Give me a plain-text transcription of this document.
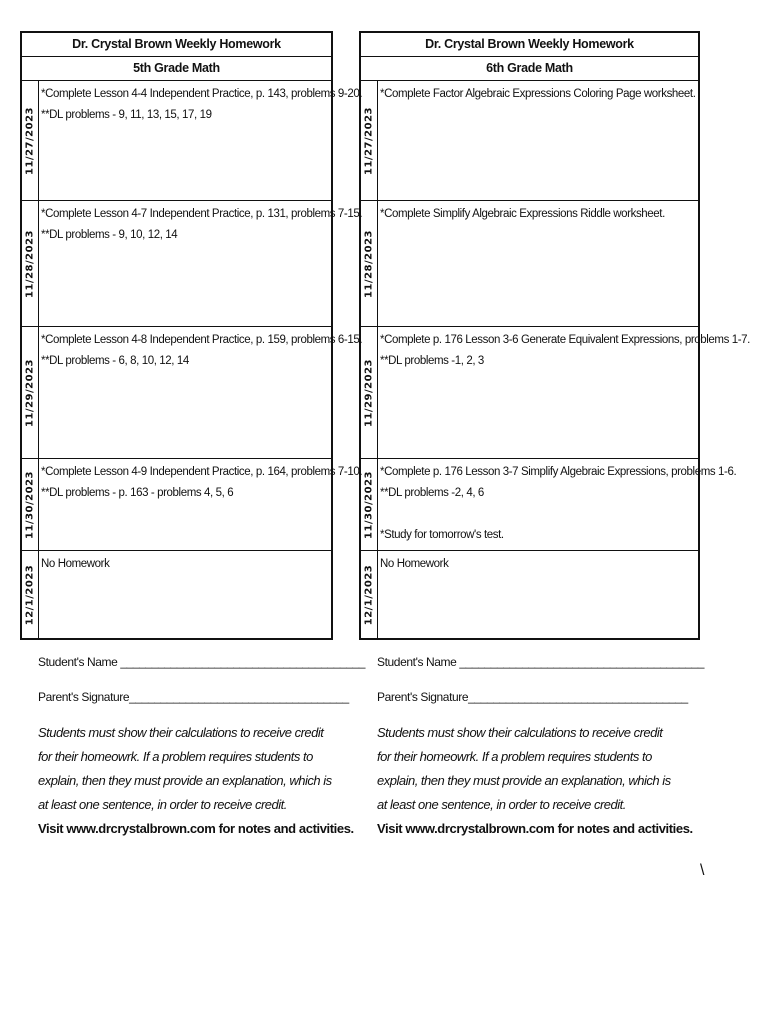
Dr. Crystal Brown Weekly Homework
5th Grade Math
11/27/2023
*Complete Lesson 4-4 Independent Practice, p. 143, problems 9-20.
**DL problems - 9, 11, 13, 15, 17, 19
11/28/2023
*Complete Lesson 4-7 Independent Practice, p. 131, problems 7-15.
**DL problems - 9, 10, 12, 14
11/29/2023
*Complete Lesson 4-8 Independent Practice, p. 159, problems 6-15.
**DL problems - 6, 8, 10, 12, 14
11/30/2023 *Complete Lesson 4-9 Independent Practice, p. 164, problems 7-10.
**DL problems - p. 163 - problems 4, 5, 6
12/1/2023
No Homework
Dr. Crystal Brown Weekly Homework
6th Grade Math
11/27/2023
*Complete Factor Algebraic Expressions Coloring Page worksheet.
11/28/2023
*Complete Simplify Algebraic Expressions Riddle worksheet.
11/29/2023
*Complete p. 176 Lesson 3-6 Generate Equivalent Expressions, problems 1-7.
**DL problems -1, 2, 3
11/30/2023 *Complete p. 176 Lesson 3-7 Simplify Algebraic Expressions, problems 1-6.
**DL problems -2, 4, 6
*Study for tomorrow's test.
12/1/2023
No Homework
Student's Name _______________________________________
Parent's Signature___________________________________
Students must show their calculations to receive credit for their homeowrk. If a problem requires students to explain, then they must provide an explanation, which is at least one sentence, in order to receive credit.
Visit www.drcrystalbrown.com for notes and activities.
Student's Name _______________________________________
Parent's Signature___________________________________
Students must show their calculations to receive credit for their homeowrk. If a problem requires students to explain, then they must provide an explanation, which is at least one sentence, in order to receive credit.
Visit www.drcrystalbrown.com for notes and activities.
\
